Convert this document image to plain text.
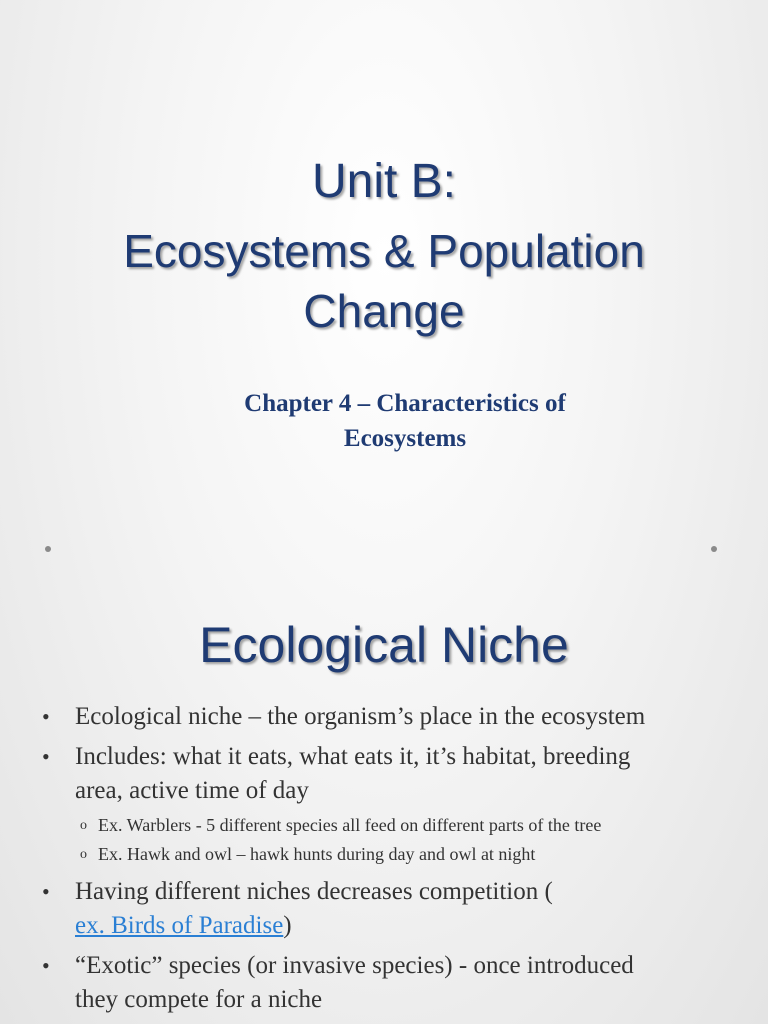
Unit B:
Ecosystems & Population
Change
Chapter 4 – Characteristics of
Ecosystems
Ecological Niche
• Ecological niche – the organism’s place in the ecosystem
• Includes: what it eats, what eats it, it’s habitat, breeding
area, active time of day
o Ex. Warblers - 5 different species all feed on different parts of the tree
o Ex. Hawk and owl – hawk hunts during day and owl at night
• Having different niches decreases competition (
ex. Birds of Paradise)
• “Exotic” species (or invasive species) - once introduced
they compete for a niche
